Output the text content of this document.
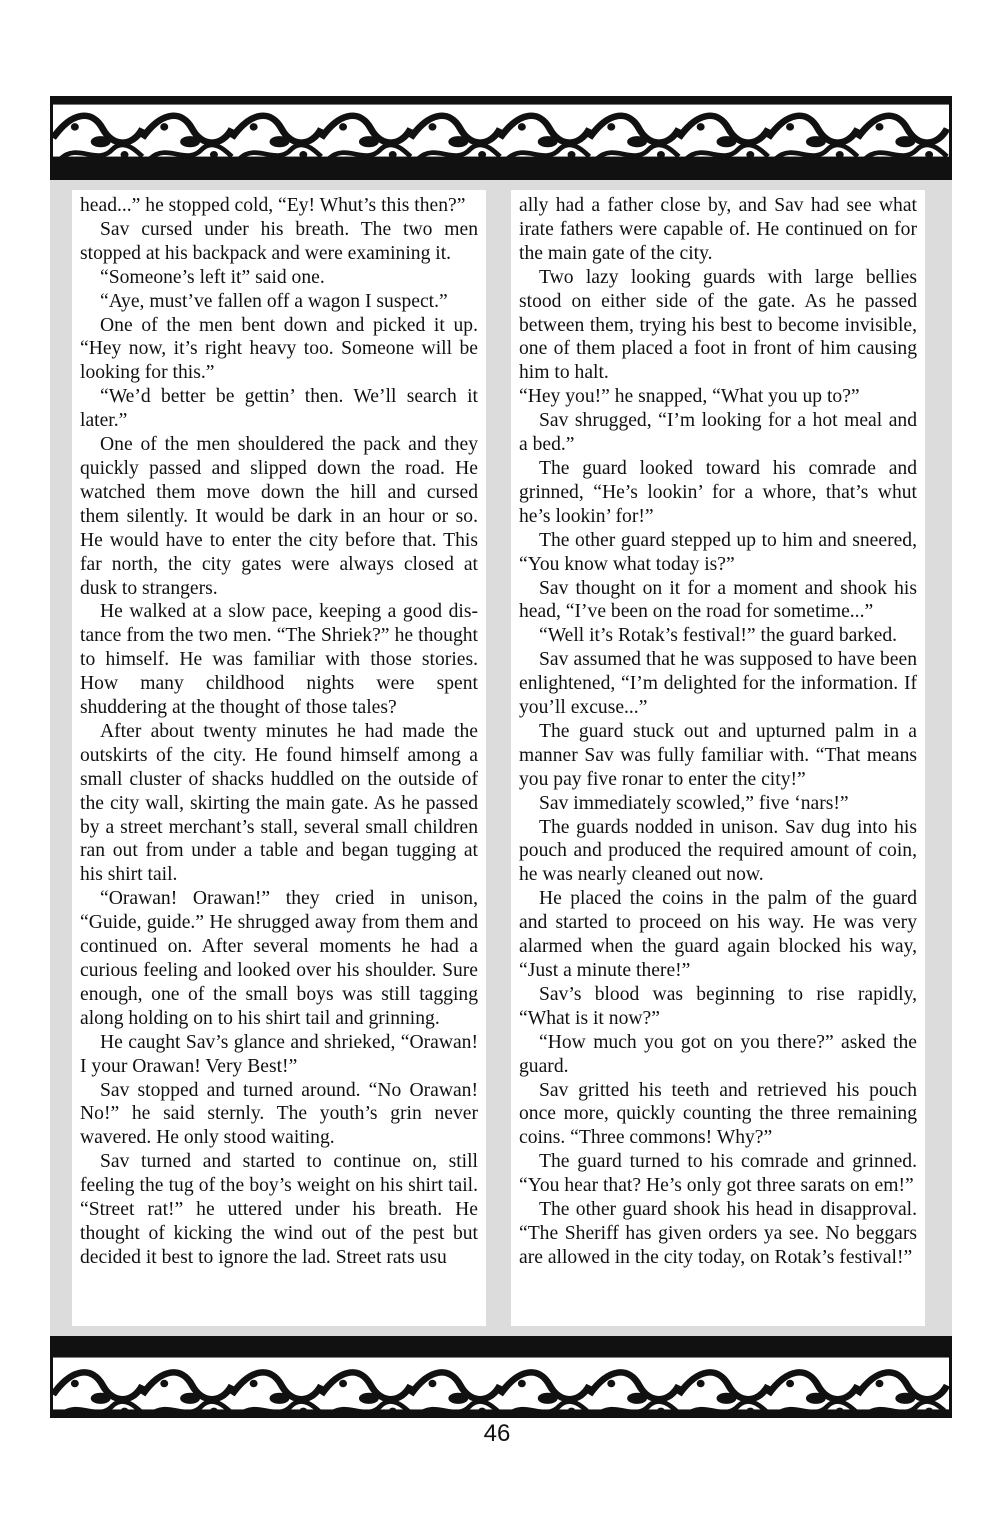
head...” he stopped cold, “Ey! Whut’s this then?”

Sav cursed under his breath. The two men stopped at his backpack and were examining it.

“Someone’s left it” said one.

“Aye, must’ve fallen off a wagon I suspect.”

One of the men bent down and picked it up. “Hey now, it’s right heavy too. Someone will be looking for this.”

“We’d better be gettin’ then. We’ll search it later.”

One of the men shouldered the pack and they quickly passed and slipped down the road. He watched them move down the hill and cursed them silently. It would be dark in an hour or so. He would have to enter the city before that. This far north, the city gates were always closed at dusk to strangers.

He walked at a slow pace, keeping a good distance from the two men. “The Shriek?” he thought to himself. He was familiar with those stories. How many childhood nights were spent shuddering at the thought of those tales?

After about twenty minutes he had made the outskirts of the city. He found himself among a small cluster of shacks huddled on the outside of the city wall, skirting the main gate. As he passed by a street merchant’s stall, several small children ran out from under a table and began tugging at his shirt tail.

“Orawan! Orawan!” they cried in unison, “Guide, guide.” He shrugged away from them and continued on. After several moments he had a curious feeling and looked over his shoulder. Sure enough, one of the small boys was still tagging along holding on to his shirt tail and grinning.

He caught Sav’s glance and shrieked, “Orawan! I your Orawan! Very Best!”

Sav stopped and turned around. “No Orawan! No!” he said sternly. The youth’s grin never wavered. He only stood waiting.

Sav turned and started to continue on, still feeling the tug of the boy’s weight on his shirt tail. “Street rat!” he uttered under his breath. He thought of kicking the wind out of the pest but decided it best to ignore the lad. Street rats usu

ally had a father close by, and Sav had see what irate fathers were capable of. He continued on for the main gate of the city.

Two lazy looking guards with large bellies stood on either side of the gate. As he passed between them, trying his best to become invisible, one of them placed a foot in front of him causing him to halt.

“Hey you!” he snapped, “What you up to?”

Sav shrugged, “I’m looking for a hot meal and a bed.”

The guard looked toward his comrade and grinned, “He’s lookin’ for a whore, that’s whut he’s lookin’ for!”

The other guard stepped up to him and sneered, “You know what today is?”

Sav thought on it for a moment and shook his head, “I’ve been on the road for sometime...”

“Well it’s Rotak’s festival!” the guard barked.

Sav assumed that he was supposed to have been enlightened, “I’m delighted for the information. If you’ll excuse...”

The guard stuck out and upturned palm in a manner Sav was fully familiar with. “That means you pay five ronar to enter the city!”

Sav immediately scowled,” five ‘nars!”

The guards nodded in unison. Sav dug into his pouch and produced the required amount of coin, he was nearly cleaned out now.

He placed the coins in the palm of the guard and started to proceed on his way. He was very alarmed when the guard again blocked his way, “Just a minute there!”

Sav’s blood was beginning to rise rapidly, “What is it now?”

“How much you got on you there?” asked the guard.

Sav gritted his teeth and retrieved his pouch once more, quickly counting the three remaining coins. “Three commons! Why?”

The guard turned to his comrade and grinned. “You hear that? He’s only got three sarats on em!”

The other guard shook his head in disapproval. “The Sheriff has given orders ya see. No beggars are allowed in the city today, on Rotak’s festival!”

46
